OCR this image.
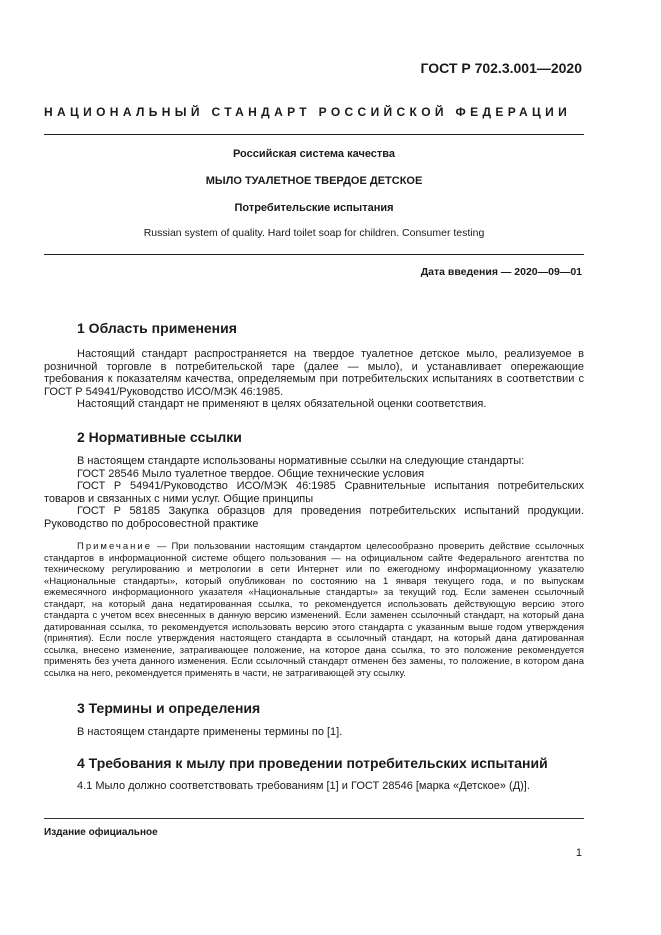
ГОСТ Р 702.3.001—2020
НАЦИОНАЛЬНЫЙ СТАНДАРТ РОССИЙСКОЙ ФЕДЕРАЦИИ
Российская система качества
МЫЛО ТУАЛЕТНОЕ ТВЕРДОЕ ДЕТСКОЕ
Потребительские испытания
Russian system of quality. Hard toilet soap for children. Consumer testing
Дата введения — 2020—09—01
1 Область применения

Настоящий стандарт распространяется на твердое туалетное детское мыло, реализуемое в розничной торговле в потребительской таре (далее — мыло), и устанавливает опережающие требования к показателям качества, определяемым при потребительских испытаниях в соответствии с ГОСТ Р 54941/Руководство ИСО/МЭК 46:1985.

Настоящий стандарт не применяют в целях обязательной оценки соответствия.

2 Нормативные ссылки

В настоящем стандарте использованы нормативные ссылки на следующие стандарты:

ГОСТ 28546 Мыло туалетное твердое. Общие технические условия

ГОСТ Р 54941/Руководство ИСО/МЭК 46:1985 Сравнительные испытания потребительских товаров и связанных с ними услуг. Общие принципы

ГОСТ Р 58185 Закупка образцов для проведения потребительских испытаний продукции. Руководство по добросовестной практике

Примечание — При пользовании настоящим стандартом целесообразно проверить действие ссылочных стандартов в информационной системе общего пользования — на официальном сайте Федерального агентства по техническому регулированию и метрологии в сети Интернет или по ежегодному информационному указателю «Национальные стандарты», который опубликован по состоянию на 1 января текущего года, и по выпускам ежемесячного информационного указателя «Национальные стандарты» за текущий год. Если заменен ссылочный стандарт, на который дана недатированная ссылка, то рекомендуется использовать действующую версию этого стандарта с учетом всех внесенных в данную версию изменений. Если заменен ссылочный стандарт, на который дана датированная ссылка, то рекомендуется использовать версию этого стандарта с указанным выше годом утверждения (принятия). Если после утверждения настоящего стандарта в ссылочный стандарт, на который дана датированная ссылка, внесено изменение, затрагивающее положение, на которое дана ссылка, то это положение рекомендуется применять без учета данного изменения. Если ссылочный стандарт отменен без замены, то положение, в котором дана ссылка на него, рекомендуется применять в части, не затрагивающей эту ссылку.

3 Термины и определения

В настоящем стандарте применены термины по [1].

4 Требования к мылу при проведении потребительских испытаний

4.1 Мыло должно соответствовать требованиям [1] и ГОСТ 28546 [марка «Детское» (Д)].

Издание официальное
1
